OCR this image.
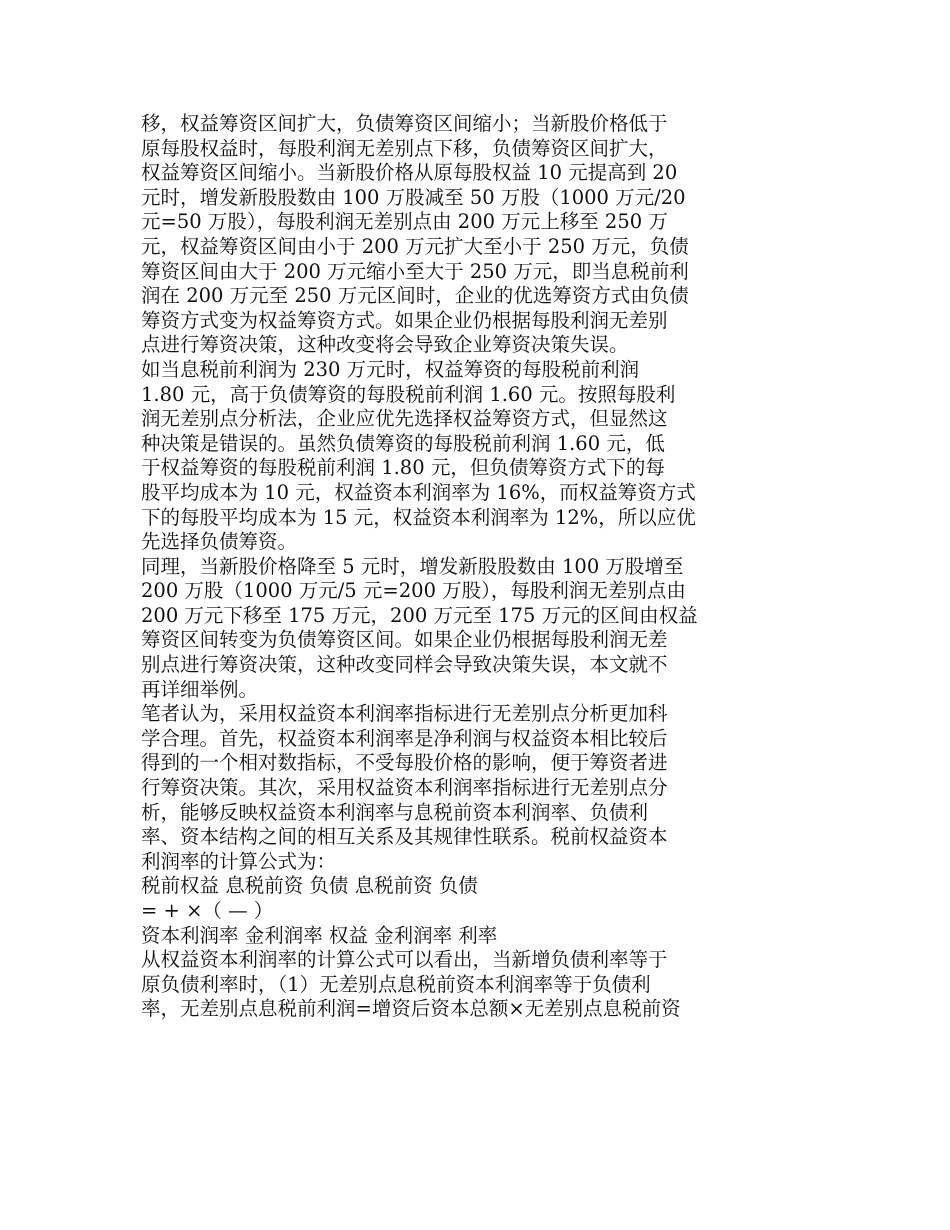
移，权益筹资区间扩大，负债筹资区间缩小；当新股价格低于
原每股权益时，每股利润无差别点下移，负债筹资区间扩大，
权益筹资区间缩小。当新股价格从原每股权益 10 元提高到 20
元时，增发新股股数由 100 万股减至 50 万股（1000 万元/20
元=50 万股），每股利润无差别点由 200 万元上移至 250 万
元，权益筹资区间由小于 200 万元扩大至小于 250 万元，负债
筹资区间由大于 200 万元缩小至大于 250 万元，即当息税前利
润在 200 万元至 250 万元区间时，企业的优选筹资方式由负债
筹资方式变为权益筹资方式。如果企业仍根据每股利润无差别
点进行筹资决策，这种改变将会导致企业筹资决策失误。
如当息税前利润为 230 万元时，权益筹资的每股税前利润
1.80 元，高于负债筹资的每股税前利润 1.60 元。按照每股利
润无差别点分析法，企业应优先选择权益筹资方式，但显然这
种决策是错误的。虽然负债筹资的每股税前利润 1.60 元，低
于权益筹资的每股税前利润 1.80 元，但负债筹资方式下的每
股平均成本为 10 元，权益资本利润率为 16%，而权益筹资方式
下的每股平均成本为 15 元，权益资本利润率为 12%，所以应优
先选择负债筹资。
同理，当新股价格降至 5 元时，增发新股股数由 100 万股增至
200 万股（1000 万元/5 元=200 万股），每股利润无差别点由
200 万元下移至 175 万元，200 万元至 175 万元的区间由权益
筹资区间转变为负债筹资区间。如果企业仍根据每股利润无差
别点进行筹资决策，这种改变同样会导致决策失误，本文就不
再详细举例。
笔者认为，采用权益资本利润率指标进行无差别点分析更加科
学合理。首先，权益资本利润率是净利润与权益资本相比较后
得到的一个相对数指标，不受每股价格的影响，便于筹资者进
行筹资决策。其次，采用权益资本利润率指标进行无差别点分
析，能够反映权益资本利润率与息税前资本利润率、负债利
率、资本结构之间的相互关系及其规律性联系。税前权益资本
利润率的计算公式为：
税前权益 息税前资 负债 息税前资 负债
= + ×（ — ）
资本利润率 金利润率 权益 金利润率 利率
从权益资本利润率的计算公式可以看出，当新增负债利率等于
原负债利率时，（1）无差别点息税前资本利润率等于负债利
率，无差别点息税前利润=增资后资本总额×无差别点息税前资
